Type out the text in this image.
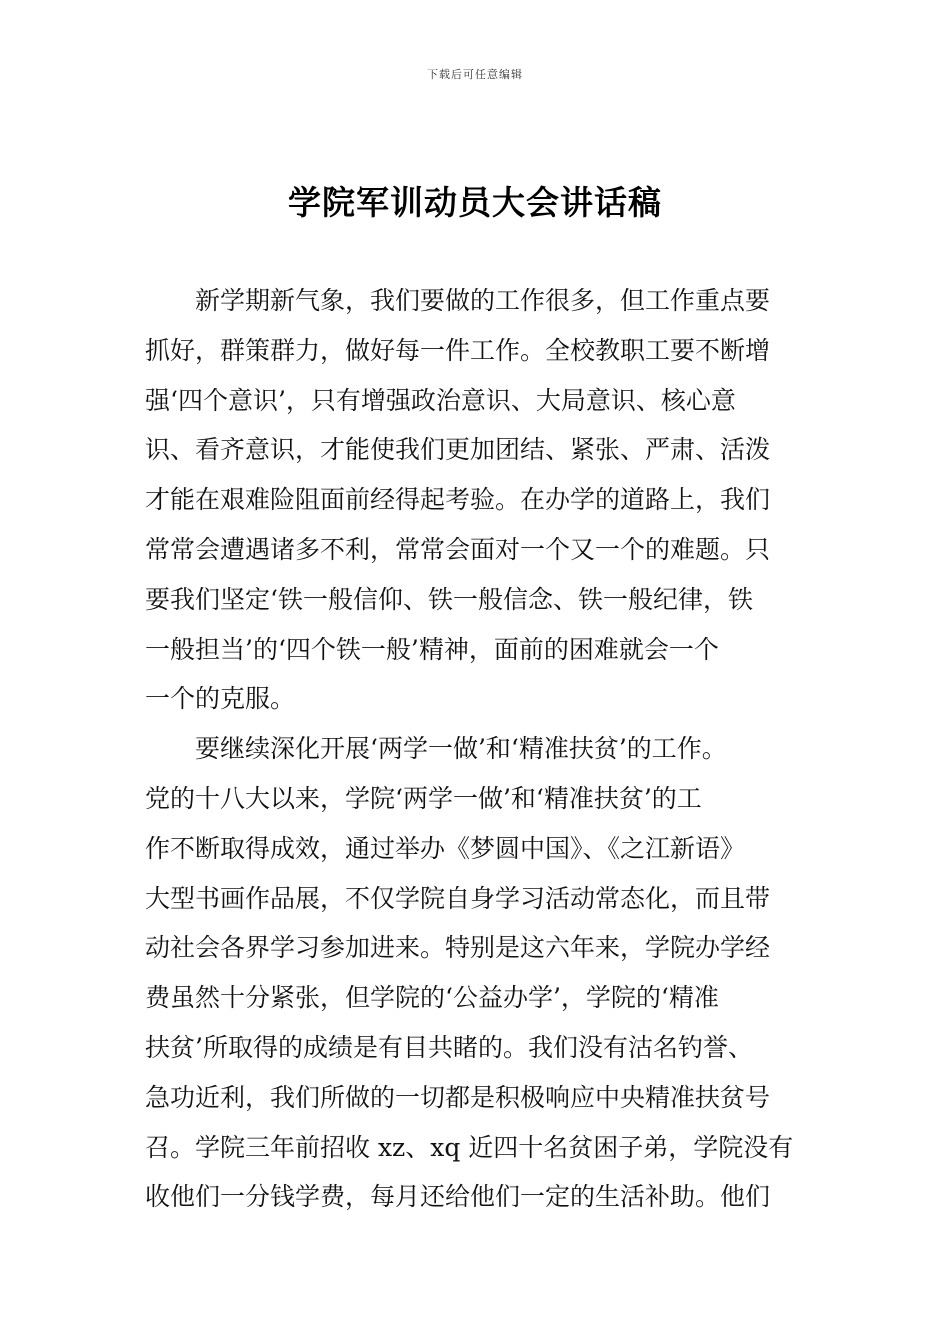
下载后可任意编辑
学院军训动员大会讲话稿
新学期新气象，我们要做的工作很多，但工作重点要
抓好，群策群力，做好每一件工作。全校教职工要不断增
强‘四个意识’，只有增强政治意识、大局意识、核心意
识、看齐意识，才能使我们更加团结、紧张、严肃、活泼
才能在艰难险阻面前经得起考验。在办学的道路上，我们
常常会遭遇诸多不利，常常会面对一个又一个的难题。只
要我们坚定‘铁一般信仰、铁一般信念、铁一般纪律，铁
一般担当’的‘四个铁一般’精神，面前的困难就会一个
一个的克服。
要继续深化开展‘两学一做’和‘精准扶贫’的工作。
党的十八大以来，学院‘两学一做’和‘精准扶贫’的工
作不断取得成效，通过举办《梦圆中国》、《之江新语》
大型书画作品展，不仅学院自身学习活动常态化，而且带
动社会各界学习参加进来。特别是这六年来，学院办学经
费虽然十分紧张，但学院的‘公益办学’，学院的‘精准
扶贫’所取得的成绩是有目共睹的。我们没有沽名钓誉、
急功近利，我们所做的一切都是积极响应中央精准扶贫号
召。学院三年前招收 xz、xq 近四十名贫困子弟，学院没有
收他们一分钱学费，每月还给他们一定的生活补助。他们
